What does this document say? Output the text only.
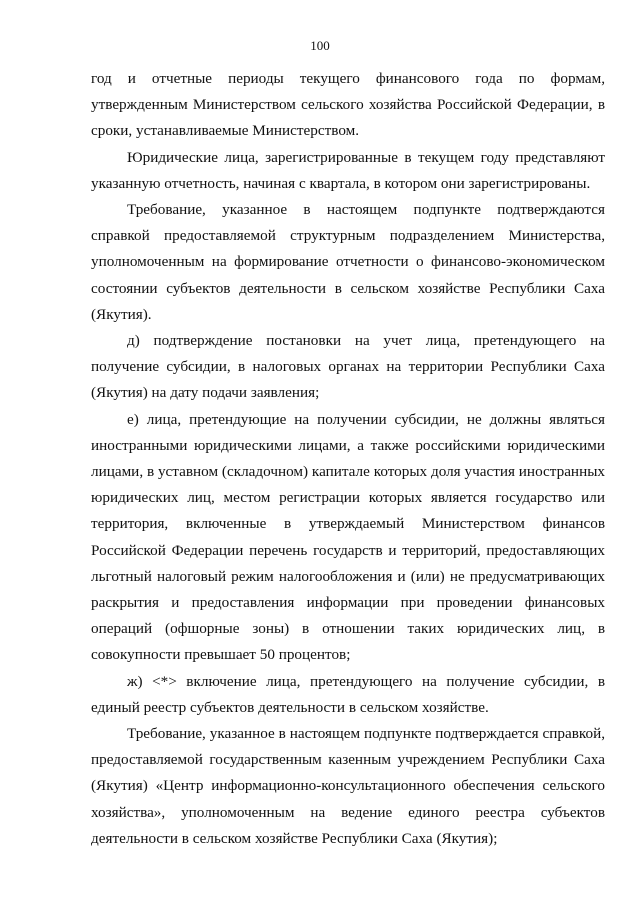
100

год и отчетные периоды текущего финансового года по формам, утвержденным Министерством сельского хозяйства Российской Федерации, в сроки, устанавливаемые Министерством.

Юридические лица, зарегистрированные в текущем году представляют указанную отчетность, начиная с квартала, в котором они зарегистрированы.

Требование, указанное в настоящем подпункте подтверждаются справкой предоставляемой структурным подразделением Министерства, уполномоченным на формирование отчетности о финансово-экономическом состоянии субъектов деятельности в сельском хозяйстве Республики Саха (Якутия).

д) подтверждение постановки на учет лица, претендующего на получение субсидии, в налоговых органах на территории Республики Саха (Якутия) на дату подачи заявления;

е) лица, претендующие на получении субсидии, не должны являться иностранными юридическими лицами, а также российскими юридическими лицами, в уставном (складочном) капитале которых доля участия иностранных юридических лиц, местом регистрации которых является государство или территория, включенные в утверждаемый Министерством финансов Российской Федерации перечень государств и территорий, предоставляющих льготный налоговый режим налогообложения и (или) не предусматривающих раскрытия и предоставления информации при проведении финансовых операций (офшорные зоны) в отношении таких юридических лиц, в совокупности превышает 50 процентов;

ж) <*> включение лица, претендующего на получение субсидии, в единый реестр субъектов деятельности в сельском хозяйстве.

Требование, указанное в настоящем подпункте подтверждается справкой, предоставляемой государственным казенным учреждением Республики Саха (Якутия) «Центр информационно-консультационного обеспечения сельского хозяйства», уполномоченным на ведение единого реестра субъектов деятельности в сельском хозяйстве Республики Саха (Якутия);
